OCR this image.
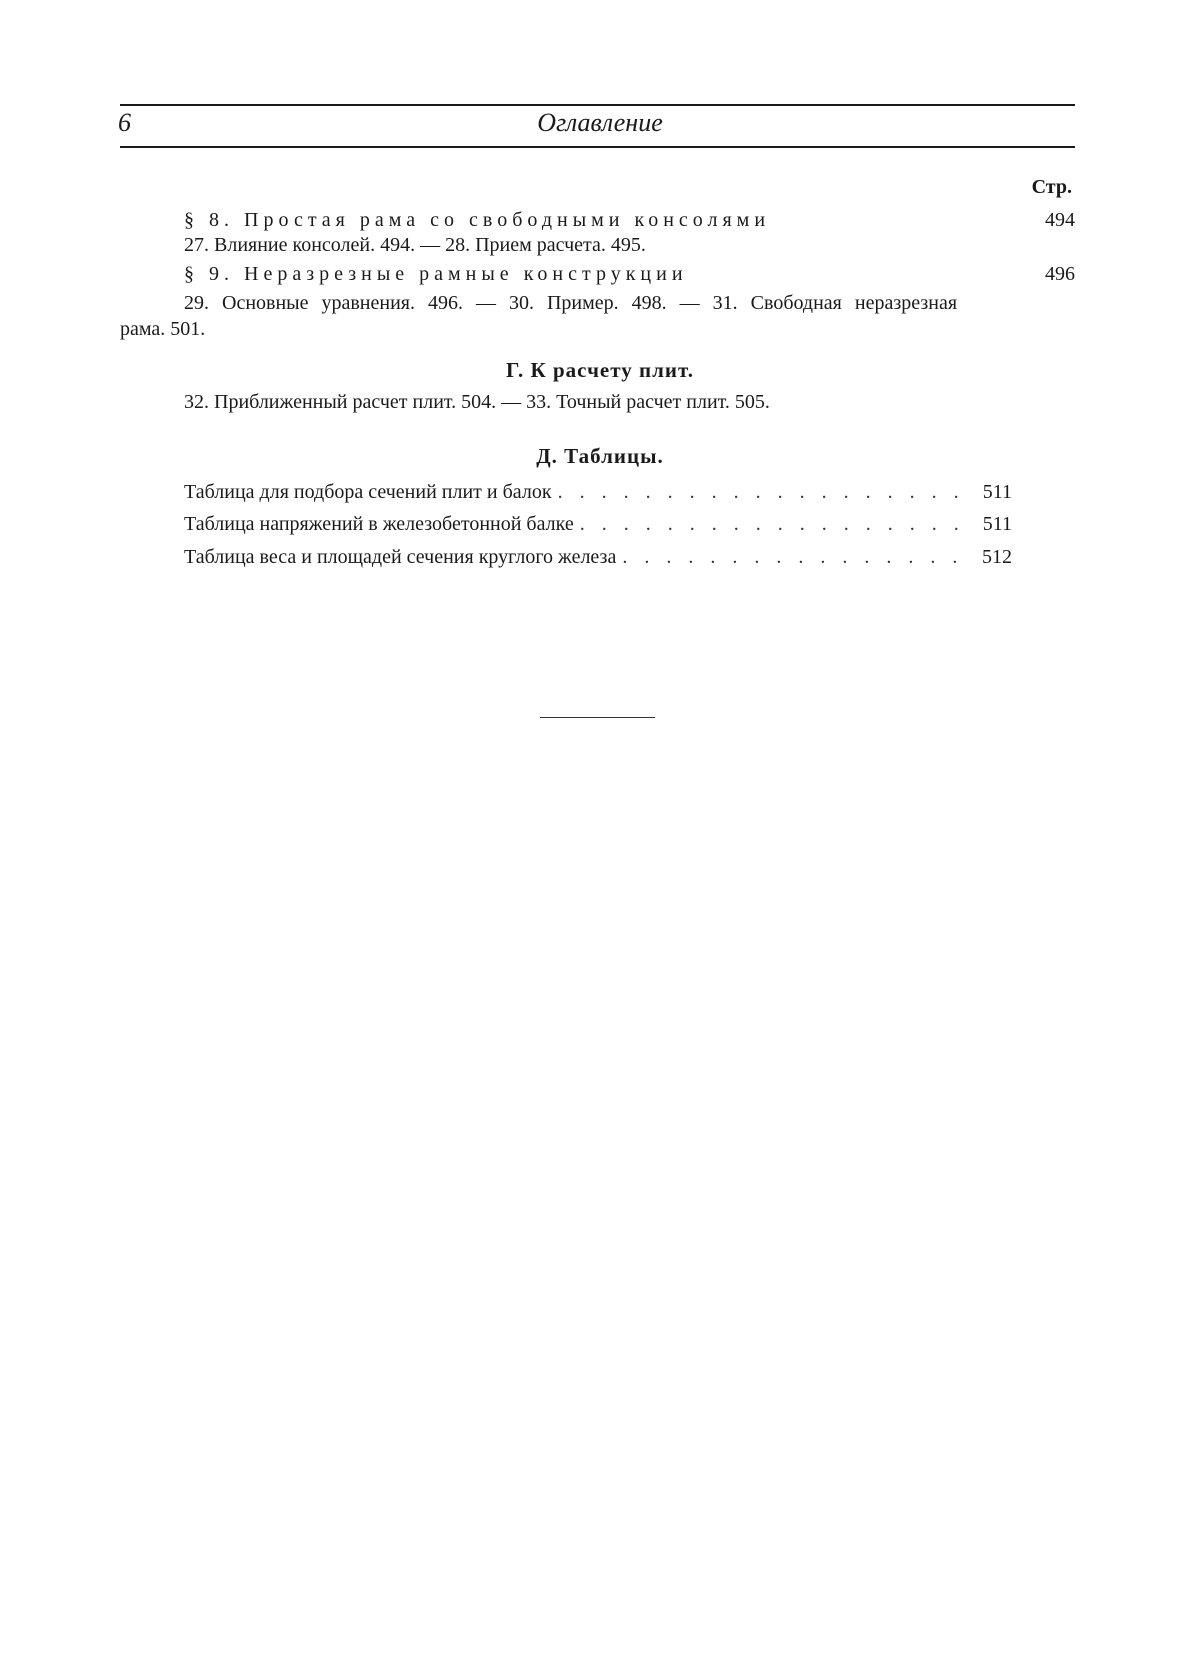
6	Оглавление
Стр.
§ 8. Простая рама со свободными консолями	494
27. Влияние консолей. 494. — 28. Прием расчета. 495.
§ 9. Неразрезные рамные конструкции	496
29. Основные уравнения. 496. — 30. Пример. 498. — 31. Свободная неразрезная
рама. 501.
Г. К расчету плит.
32. Приближенный расчет плит. 504. — 33. Точный расчет плит. 505.
Д. Таблицы.
Таблица для подбора сечений плит и балок . . .	511
Таблица напряжений в железобетонной балке . . .	511
Таблица веса и площадей сечения круглого железа . . .	512
